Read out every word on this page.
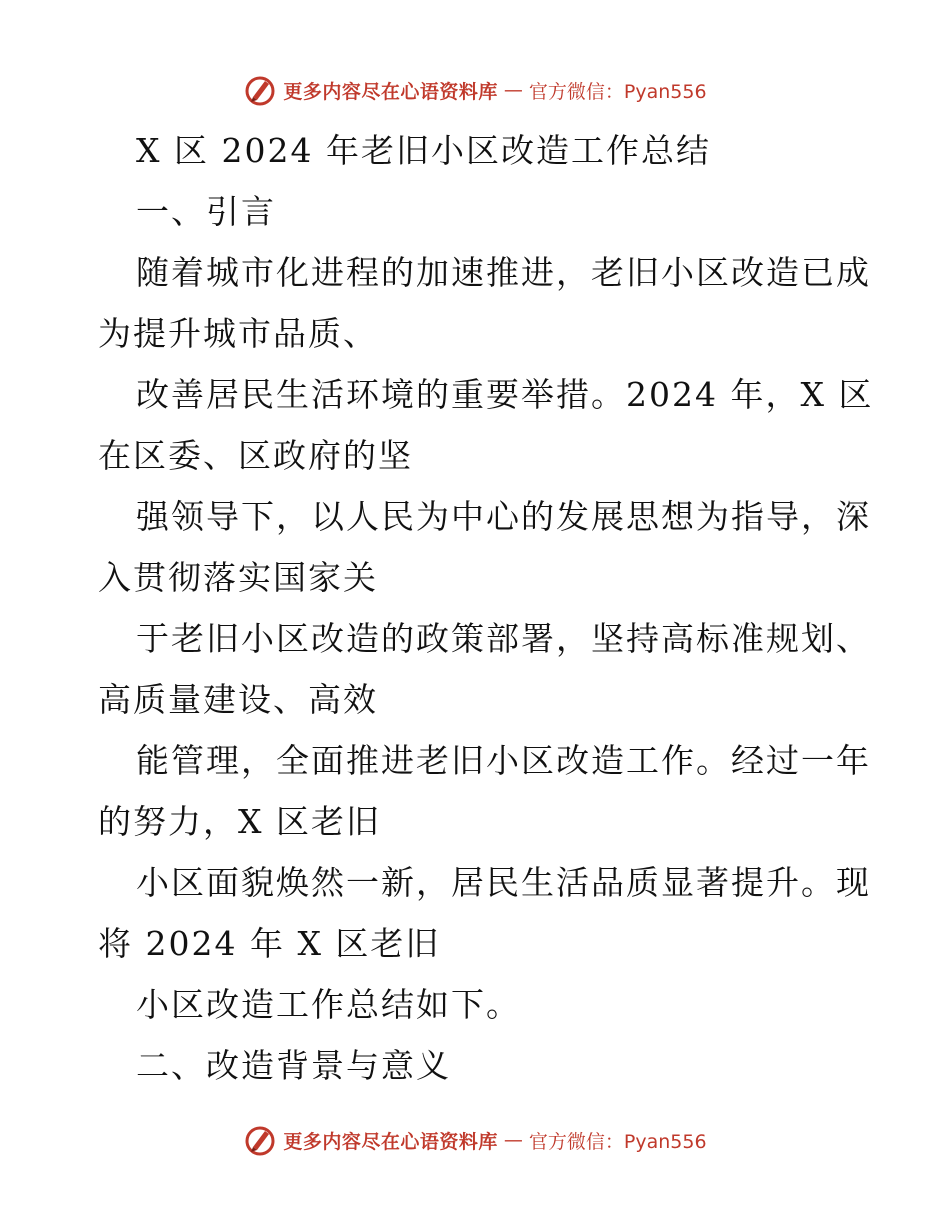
更多内容尽在心语资料库 — 官方微信：Pyan556
X 区 2024 年老旧小区改造工作总结
一、引言
随着城市化进程的加速推进，老旧小区改造已成
为提升城市品质、
改善居民生活环境的重要举措。2024 年，X 区
在区委、区政府的坚
强领导下，以人民为中心的发展思想为指导，深
入贯彻落实国家关
于老旧小区改造的政策部署，坚持高标准规划、
高质量建设、高效
能管理，全面推进老旧小区改造工作。经过一年
的努力，X 区老旧
小区面貌焕然一新，居民生活品质显著提升。现
将 2024 年 X 区老旧
小区改造工作总结如下。
二、改造背景与意义
更多内容尽在心语资料库 — 官方微信：Pyan556
